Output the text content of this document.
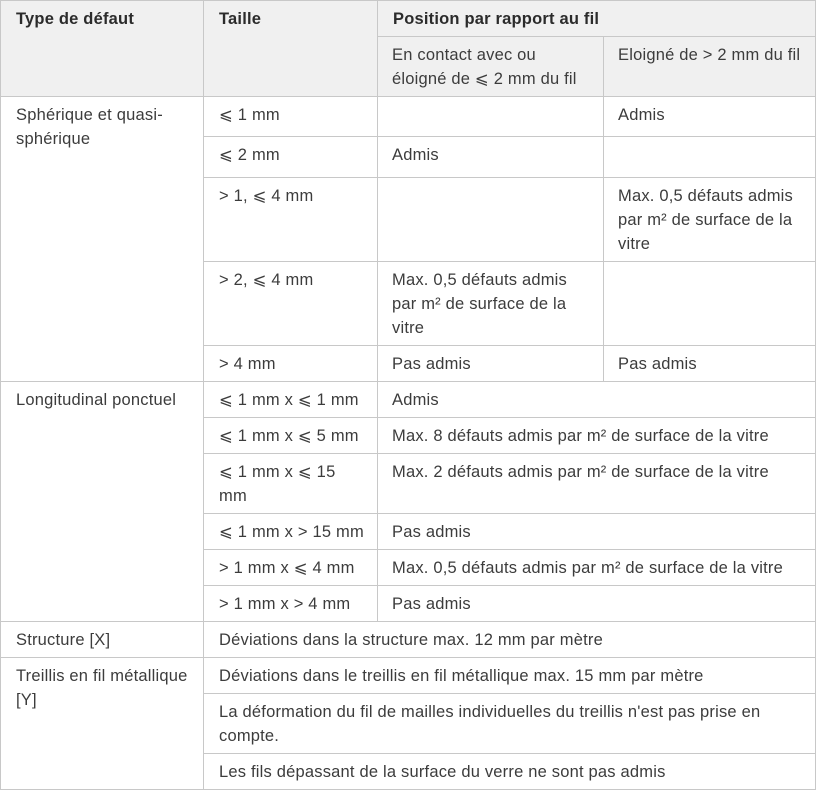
Type de défaut	Taille	Position par rapport au fil	
		En contact avec ou éloigné de ⩽ 2 mm du fil	Eloigné de > 2 mm du fil
Sphérique et quasi-sphérique	⩽ 1 mm		Admis
	⩽ 2 mm	Admis	
	> 1, ⩽ 4 mm		Max. 0,5 défauts admis par m² de surface de la vitre
	> 2, ⩽ 4 mm	Max. 0,5 défauts admis par m² de surface de la vitre	
	> 4 mm	Pas admis	Pas admis
Longitudinal ponctuel	⩽ 1 mm x ⩽ 1 mm	Admis	
	⩽ 1 mm x ⩽ 5 mm	Max. 8 défauts admis par m² de surface de la vitre	
	⩽ 1 mm x ⩽ 15 mm	Max. 2 défauts admis par m² de surface de la vitre	
	⩽ 1 mm x > 15 mm	Pas admis	
	> 1 mm x ⩽ 4 mm	Max. 0,5 défauts admis par m² de surface de la vitre	
	> 1 mm x > 4 mm	Pas admis	
Structure [X]	Déviations dans la structure max. 12 mm par mètre		
Treillis en fil métallique [Y]	Déviations dans le treillis en fil métallique max. 15 mm par mètre		
	La déformation du fil de mailles individuelles du treillis n'est pas prise en compte.		
	Les fils dépassant de la surface du verre ne sont pas admis		
